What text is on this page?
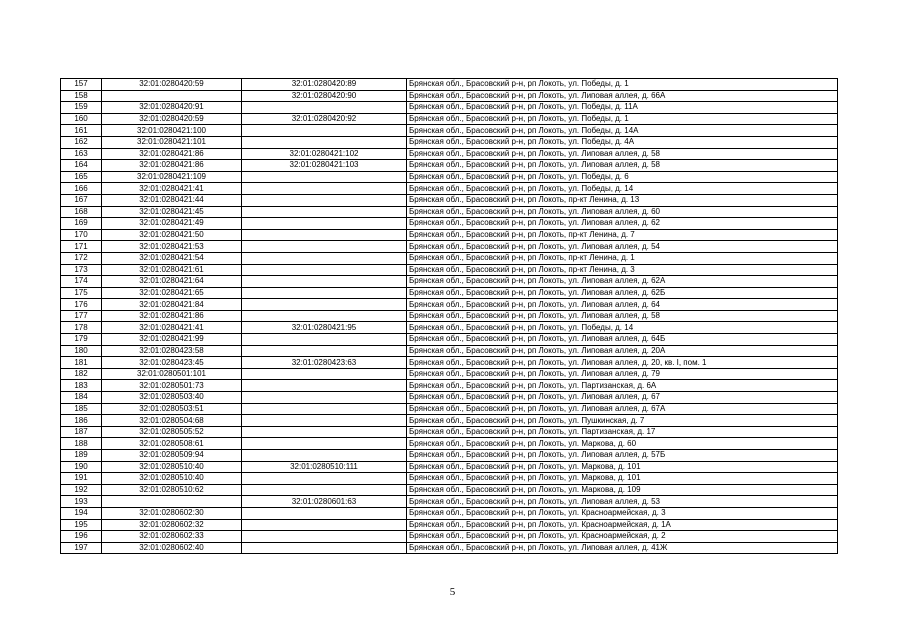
157	32:01:0280420:59	32:01:0280420:89	Брянская обл., Брасовский р-н, рп Локоть, ул. Победы, д. 1
158		32:01:0280420:90	Брянская обл., Брасовский р-н, рп Локоть, ул. Липовая аллея, д. 66А
159	32:01:0280420:91		Брянская обл., Брасовский р-н, рп Локоть, ул. Победы, д. 11А
160	32:01:0280420:59	32:01:0280420:92	Брянская обл., Брасовский р-н, рп Локоть, ул. Победы, д. 1
161	32:01:0280421:100		Брянская обл., Брасовский р-н, рп Локоть, ул. Победы, д. 14А
162	32:01:0280421:101		Брянская обл., Брасовский р-н, рп Локоть, ул. Победы, д. 4А
163	32:01:0280421:86	32:01:0280421:102	Брянская обл., Брасовский р-н, рп Локоть, ул. Липовая аллея, д. 58
164	32:01:0280421:86	32:01:0280421:103	Брянская обл., Брасовский р-н, рп Локоть, ул. Липовая аллея, д. 58
165	32:01:0280421:109		Брянская обл., Брасовский р-н, рп Локоть, ул. Победы, д. 6
166	32:01:0280421:41		Брянская обл., Брасовский р-н, рп Локоть, ул. Победы, д. 14
167	32:01:0280421:44		Брянская обл., Брасовский р-н, рп Локоть, пр-кт Ленина, д. 13
168	32:01:0280421:45		Брянская обл., Брасовский р-н, рп Локоть, ул. Липовая аллея, д. 60
169	32:01:0280421:49		Брянская обл., Брасовский р-н, рп Локоть, ул. Липовая аллея, д. 62
170	32:01:0280421:50		Брянская обл., Брасовский р-н, рп Локоть, пр-кт Ленина, д. 7
171	32:01:0280421:53		Брянская обл., Брасовский р-н, рп Локоть, ул. Липовая аллея, д. 54
172	32:01:0280421:54		Брянская обл., Брасовский р-н, рп Локоть, пр-кт Ленина, д. 1
173	32:01:0280421:61		Брянская обл., Брасовский р-н, рп Локоть, пр-кт Ленина, д. 3
174	32:01:0280421:64		Брянская обл., Брасовский р-н, рп Локоть, ул. Липовая аллея, д. 62А
175	32:01:0280421:65		Брянская обл., Брасовский р-н, рп Локоть, ул. Липовая аллея, д. 62Б
176	32:01:0280421:84		Брянская обл., Брасовский р-н, рп Локоть, ул. Липовая аллея, д. 64
177	32:01:0280421:86		Брянская обл., Брасовский р-н, рп Локоть, ул. Липовая аллея, д. 58
178	32:01:0280421:41	32:01:0280421:95	Брянская обл., Брасовский р-н, рп Локоть, ул. Победы, д. 14
179	32:01:0280421:99		Брянская обл., Брасовский р-н, рп Локоть, ул. Липовая аллея, д. 64Б
180	32:01:0280423:58		Брянская обл., Брасовский р-н, рп Локоть, ул. Липовая аллея, д. 20А
181	32:01:0280423:45	32:01:0280423:63	Брянская обл., Брасовский р-н, рп Локоть, ул. Липовая аллея, д. 20, кв. I, пом. 1
182	32:01:0280501:101		Брянская обл., Брасовский р-н, рп Локоть, ул. Липовая аллея, д. 79
183	32:01:0280501:73		Брянская обл., Брасовский р-н, рп Локоть, ул. Партизанская, д. 6А
184	32:01:0280503:40		Брянская обл., Брасовский р-н, рп Локоть, ул. Липовая аллея, д. 67
185	32:01:0280503:51		Брянская обл., Брасовский р-н, рп Локоть, ул. Липовая аллея, д. 67А
186	32:01:0280504:68		Брянская обл., Брасовский р-н, рп Локоть, ул. Пушкинская, д. 7
187	32:01:0280505:52		Брянская обл., Брасовский р-н, рп Локоть, ул. Партизанская, д. 17
188	32:01:0280508:61		Брянская обл., Брасовский р-н, рп Локоть, ул. Маркова, д. 60
189	32:01:0280509:94		Брянская обл., Брасовский р-н, рп Локоть, ул. Липовая аллея, д. 57Б
190	32:01:0280510:40	32:01:0280510:111	Брянская обл., Брасовский р-н, рп Локоть, ул. Маркова, д. 101
191	32:01:0280510:40		Брянская обл., Брасовский р-н, рп Локоть, ул. Маркова, д. 101
192	32:01:0280510:62		Брянская обл., Брасовский р-н, рп Локоть, ул. Маркова, д. 109
193		32:01:0280601:63	Брянская обл., Брасовский р-н, рп Локоть, ул. Липовая аллея, д. 53
194	32:01:0280602:30		Брянская обл., Брасовский р-н, рп Локоть, ул. Красноармейская, д. 3
195	32:01:0280602:32		Брянская обл., Брасовский р-н, рп Локоть, ул. Красноармейская, д. 1А
196	32:01:0280602:33		Брянская обл., Брасовский р-н, рп Локоть, ул. Красноармейская, д. 2
197	32:01:0280602:40		Брянская обл., Брасовский р-н, рп Локоть, ул. Липовая аллея, д. 41Ж
5
